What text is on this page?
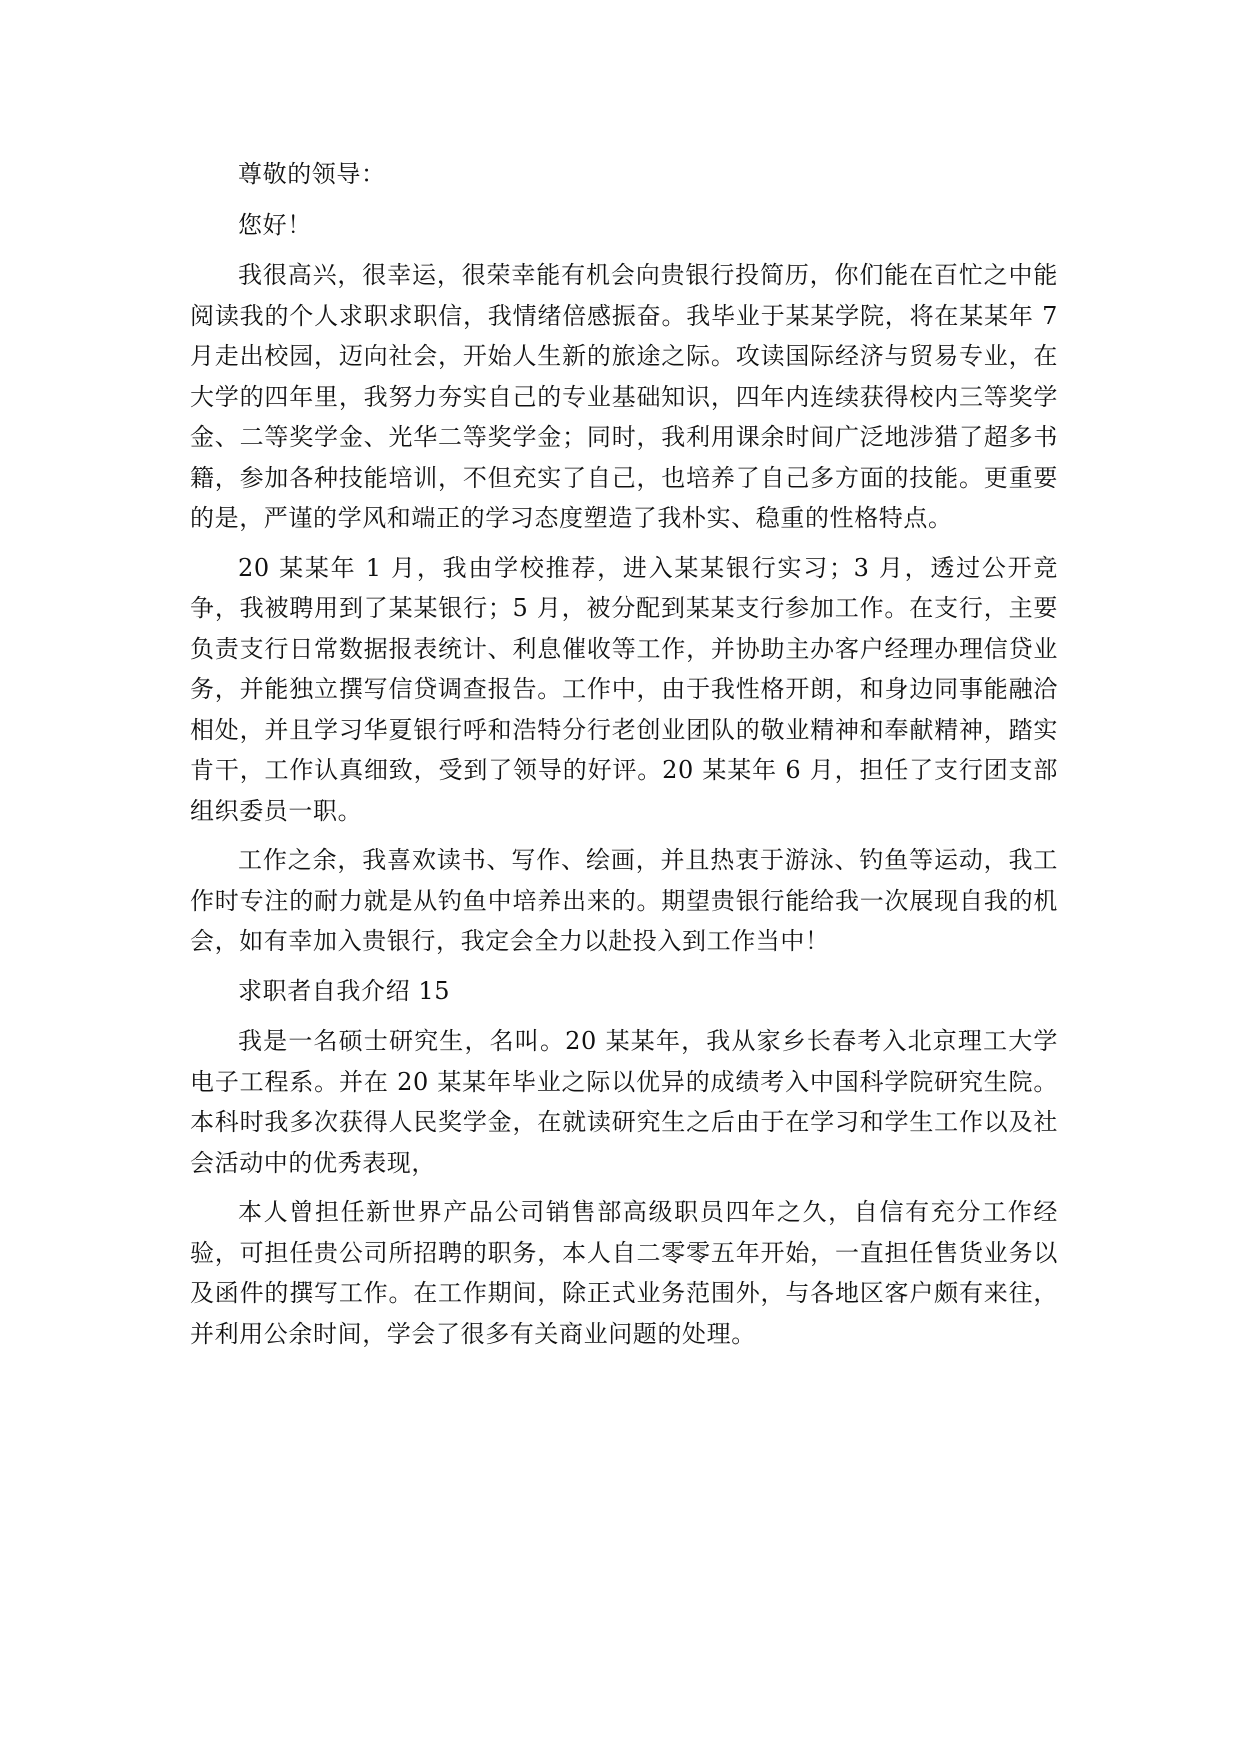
尊敬的领导：

您好！

我很高兴，很幸运，很荣幸能有机会向贵银行投简历，你们能在百忙之中能阅读我的个人求职求职信，我情绪倍感振奋。我毕业于某某学院，将在某某年 7 月走出校园，迈向社会，开始人生新的旅途之际。攻读国际经济与贸易专业，在大学的四年里，我努力夯实自己的专业基础知识，四年内连续获得校内三等奖学金、二等奖学金、光华二等奖学金；同时，我利用课余时间广泛地涉猎了超多书籍，参加各种技能培训，不但充实了自己，也培养了自己多方面的技能。更重要的是，严谨的学风和端正的学习态度塑造了我朴实、稳重的性格特点。

20 某某年 1 月，我由学校推荐，进入某某银行实习；3 月，透过公开竞争，我被聘用到了某某银行；5 月，被分配到某某支行参加工作。在支行，主要负责支行日常数据报表统计、利息催收等工作，并协助主办客户经理办理信贷业务，并能独立撰写信贷调查报告。工作中，由于我性格开朗，和身边同事能融洽相处，并且学习华夏银行呼和浩特分行老创业团队的敬业精神和奉献精神，踏实肯干，工作认真细致，受到了领导的好评。20 某某年 6 月，担任了支行团支部组织委员一职。

工作之余，我喜欢读书、写作、绘画，并且热衷于游泳、钓鱼等运动，我工作时专注的耐力就是从钓鱼中培养出来的。期望贵银行能给我一次展现自我的机会，如有幸加入贵银行，我定会全力以赴投入到工作当中！

求职者自我介绍 15

我是一名硕士研究生，名叫。20 某某年，我从家乡长春考入北京理工大学电子工程系。并在 20 某某年毕业之际以优异的成绩考入中国科学院研究生院。本科时我多次获得人民奖学金，在就读研究生之后由于在学习和学生工作以及社会活动中的优秀表现，

本人曾担任新世界产品公司销售部高级职员四年之久，自信有充分工作经验，可担任贵公司所招聘的职务，本人自二零零五年开始，一直担任售货业务以及函件的撰写工作。在工作期间，除正式业务范围外，与各地区客户颇有来往，并利用公余时间，学会了很多有关商业问题的处理。
